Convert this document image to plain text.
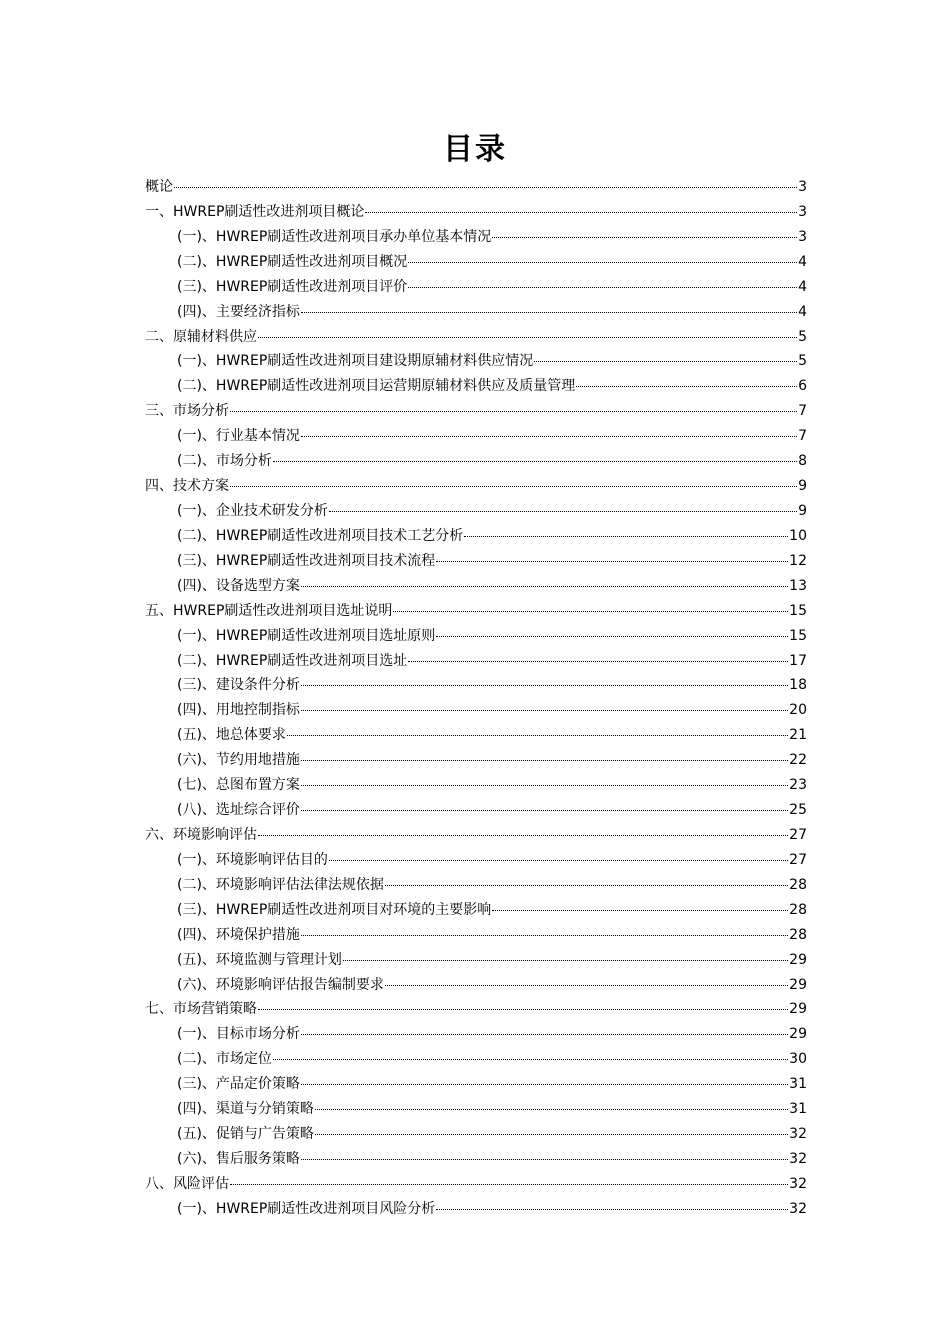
目录
概论	3
一、HWREP刷适性改进剂项目概论	3
(一)、HWREP刷适性改进剂项目承办单位基本情况	3
(二)、HWREP刷适性改进剂项目概况	4
(三)、HWREP刷适性改进剂项目评价	4
(四)、主要经济指标	4
二、原辅材料供应	5
(一)、HWREP刷适性改进剂项目建设期原辅材料供应情况	5
(二)、HWREP刷适性改进剂项目运营期原辅材料供应及质量管理	6
三、市场分析	7
(一)、行业基本情况	7
(二)、市场分析	8
四、技术方案	9
(一)、企业技术研发分析	9
(二)、HWREP刷适性改进剂项目技术工艺分析	10
(三)、HWREP刷适性改进剂项目技术流程	12
(四)、设备选型方案	13
五、HWREP刷适性改进剂项目选址说明	15
(一)、HWREP刷适性改进剂项目选址原则	15
(二)、HWREP刷适性改进剂项目选址	17
(三)、建设条件分析	18
(四)、用地控制指标	20
(五)、地总体要求	21
(六)、节约用地措施	22
(七)、总图布置方案	23
(八)、选址综合评价	25
六、环境影响评估	27
(一)、环境影响评估目的	27
(二)、环境影响评估法律法规依据	28
(三)、HWREP刷适性改进剂项目对环境的主要影响	28
(四)、环境保护措施	28
(五)、环境监测与管理计划	29
(六)、环境影响评估报告编制要求	29
七、市场营销策略	29
(一)、目标市场分析	29
(二)、市场定位	30
(三)、产品定价策略	31
(四)、渠道与分销策略	31
(五)、促销与广告策略	32
(六)、售后服务策略	32
八、风险评估	32
(一)、HWREP刷适性改进剂项目风险分析	32
